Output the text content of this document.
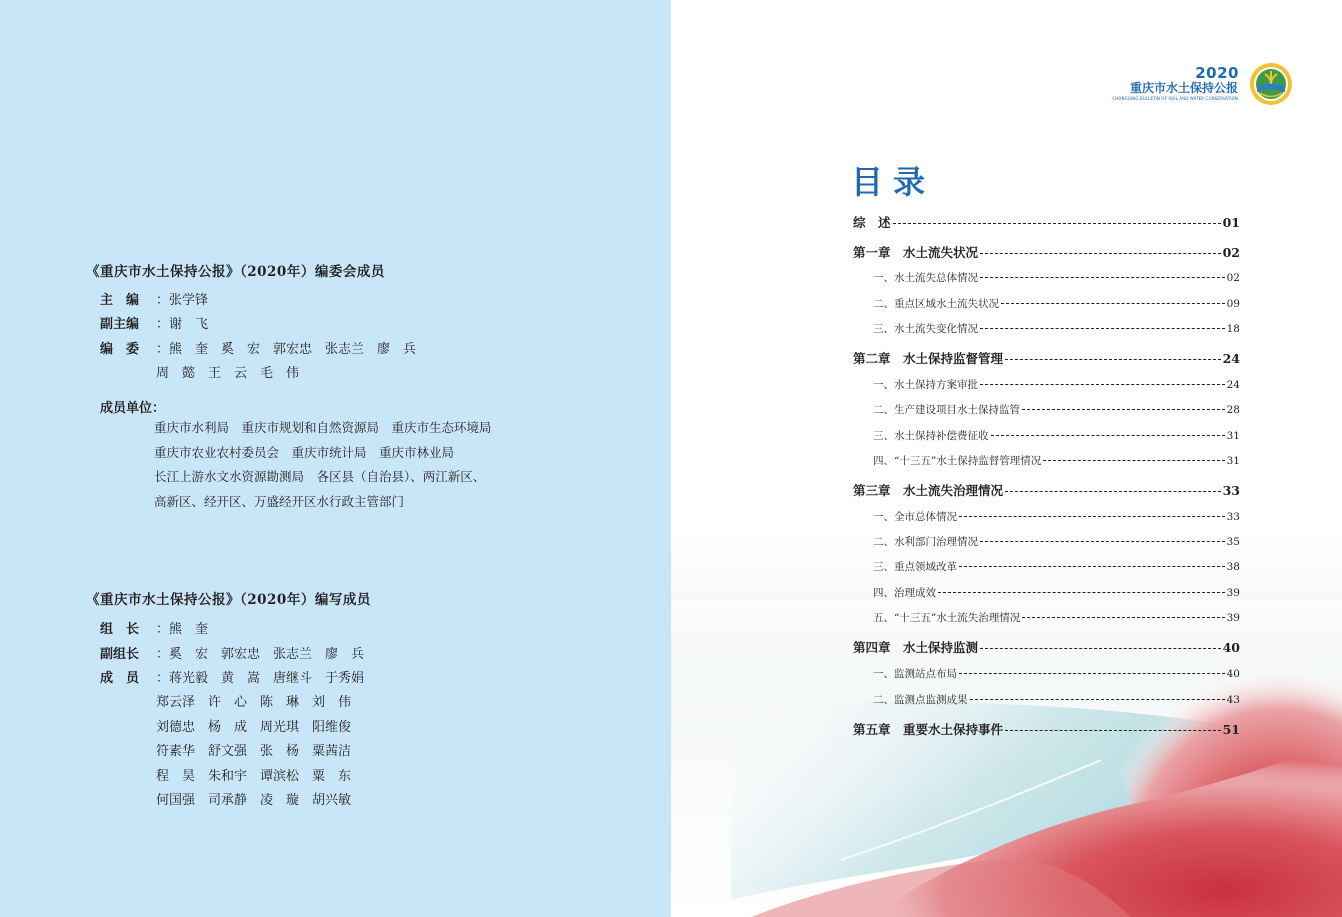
《重庆市水土保持公报》（2020年）编委会成员
主　编	：张学锋
副主编	：谢　飞
编　委	：熊　奎　奚　宏　郭宏忠　张志兰　廖　兵
周　懿　王　云　毛　伟
成员单位：
重庆市水利局　重庆市规划和自然资源局　重庆市生态环境局
重庆市农业农村委员会　重庆市统计局　重庆市林业局
长江上游水文水资源勘测局　各区县（自治县）、两江新区、
高新区、经开区、万盛经开区水行政主管部门
《重庆市水土保持公报》（2020年）编写成员
组　长	：熊　奎
副组长	：奚　宏　郭宏忠　张志兰　廖　兵
成　员	：蒋光毅　黄　嵩　唐继斗　于秀娟
郑云泽　许　心　陈　琳　刘　伟
刘德忠　杨　成　周光琪　阳维俊
符素华　舒文强　张　杨　粟茜洁
程　昊　朱和宇　谭滨松　粟　东
何国强　司承静　凌　璇　胡兴敏
2020
重庆市水土保持公报
CHONGQING BULLETIN OF SOIL AND WATER CONSERVATION
目录
综　述	01
第一章　水土流失状况	02
一、水土流失总体情况	02
二、重点区域水土流失状况	09
三、水土流失变化情况	18
第二章　水土保持监督管理	24
一、水土保持方案审批	24
二、生产建设项目水土保持监管	28
三、水土保持补偿费征收	31
四、“十三五”水土保持监督管理情况	31
第三章　水土流失治理情况	33
一、全市总体情况	33
二、水利部门治理情况	35
三、重点领域改革	38
四、治理成效	39
五、“十三五”水土流失治理情况	39
第四章　水土保持监测	40
一、监测站点布局	40
二、监测点监测成果	43
第五章　重要水土保持事件	51
